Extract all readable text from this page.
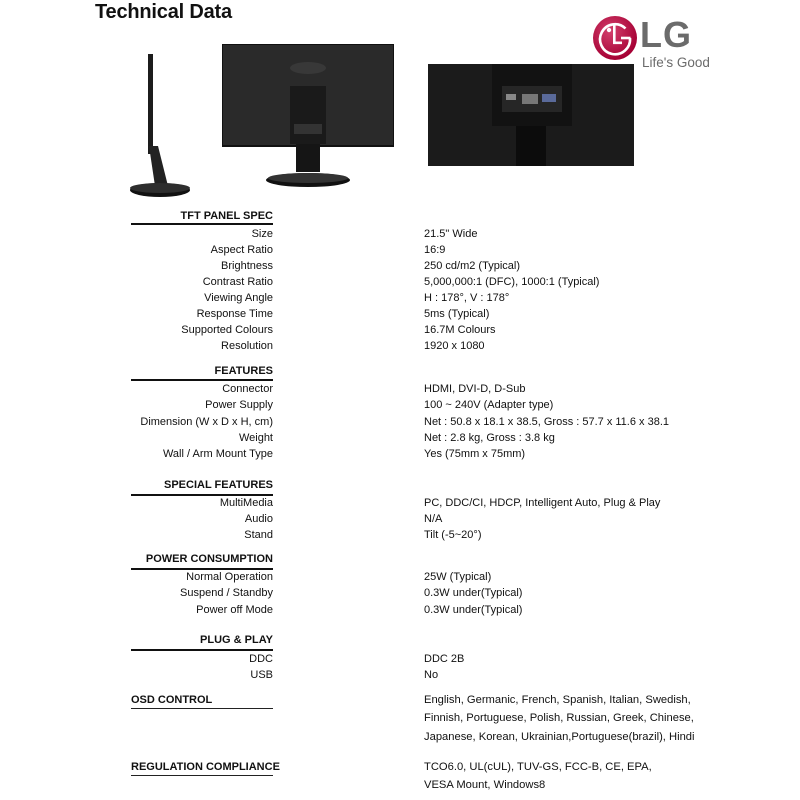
Technical Data
LG
Life's Good
TFT PANEL SPEC
Size	21.5" Wide
Aspect Ratio	16:9
Brightness	250 cd/m2 (Typical)
Contrast Ratio	5,000,000:1 (DFC), 1000:1 (Typical)
Viewing Angle	H : 178°, V : 178°
Response Time	5ms (Typical)
Supported Colours	16.7M Colours
Resolution	1920 x 1080
FEATURES
Connector	HDMI, DVI-D, D-Sub
Power Supply	100 ~ 240V (Adapter type)
Dimension (W x D x H, cm)	Net : 50.8 x 18.1 x 38.5, Gross : 57.7 x 11.6 x 38.1
Weight	Net : 2.8 kg, Gross : 3.8 kg
Wall / Arm Mount Type	Yes (75mm x 75mm)
SPECIAL FEATURES
MultiMedia	PC, DDC/CI, HDCP, Intelligent Auto, Plug & Play
Audio	N/A
Stand	Tilt (-5~20°)
POWER CONSUMPTION
Normal Operation	25W (Typical)
Suspend / Standby	0.3W under(Typical)
Power off Mode	0.3W under(Typical)
PLUG & PLAY
DDC	DDC 2B
USB	No
OSD CONTROL	English, Germanic, French, Spanish, Italian, Swedish,
Finnish, Portuguese, Polish, Russian, Greek, Chinese,
Japanese, Korean, Ukrainian,Portuguese(brazil), Hindi
REGULATION COMPLIANCE	TCO6.0, UL(cUL), TUV-GS, FCC-B, CE, EPA,
VESA Mount, Windows8
